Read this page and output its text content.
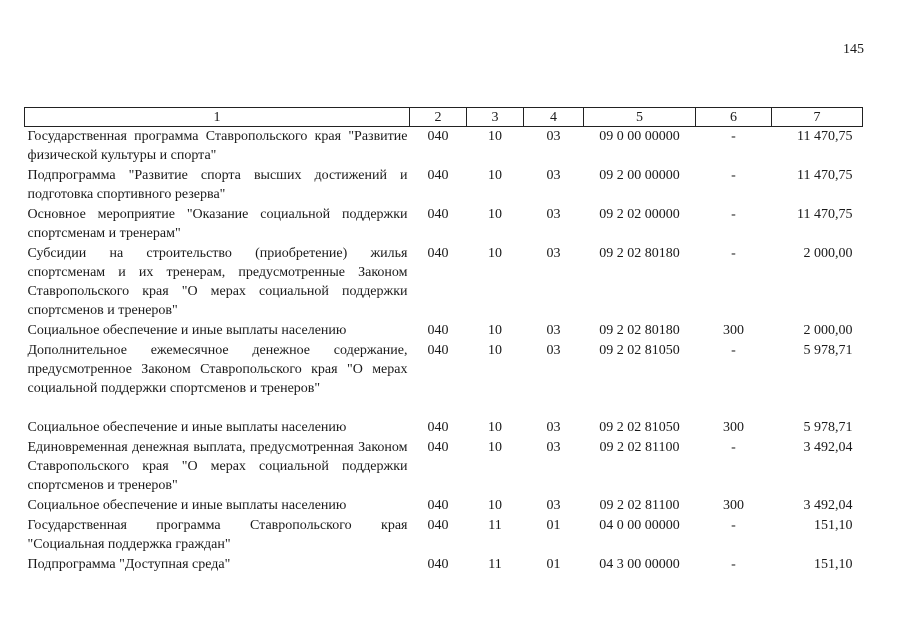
145
1	2	3	4	5	6	7
Государственная программа Ставропольского края "Развитие физической культуры и спорта"	040	10	03	09 0 00 00000	-	11 470,75
Подпрограмма "Развитие спорта высших достижений и подготовка спортивного резерва"	040	10	03	09 2 00 00000	-	11 470,75
Основное мероприятие "Оказание социальной поддержки спортсменам и тренерам"	040	10	03	09 2 02 00000	-	11 470,75
Субсидии на строительство (приобретение) жилья спортсменам и их тренерам, предусмотренные Законом Ставропольского края "О мерах социальной поддержки спортсменов и тренеров"	040	10	03	09 2 02 80180	-	2 000,00
Социальное обеспечение и иные выплаты населению	040	10	03	09 2 02 80180	300	2 000,00
Дополнительное ежемесячное денежное содержание, предусмотренное Законом Ставропольского края "О мерах социальной поддержки спортсменов и тренеров"	040	10	03	09 2 02 81050	-	5 978,71
Социальное обеспечение и иные выплаты населению	040	10	03	09 2 02 81050	300	5 978,71
Единовременная денежная выплата, предусмотренная Законом Ставропольского края "О мерах социальной поддержки спортсменов и тренеров"	040	10	03	09 2 02 81100	-	3 492,04
Социальное обеспечение и иные выплаты населению	040	10	03	09 2 02 81100	300	3 492,04
Государственная программа Ставропольского края "Социальная поддержка граждан"	040	11	01	04 0 00 00000	-	151,10
Подпрограмма "Доступная среда"	040	11	01	04 3 00 00000	-	151,10
